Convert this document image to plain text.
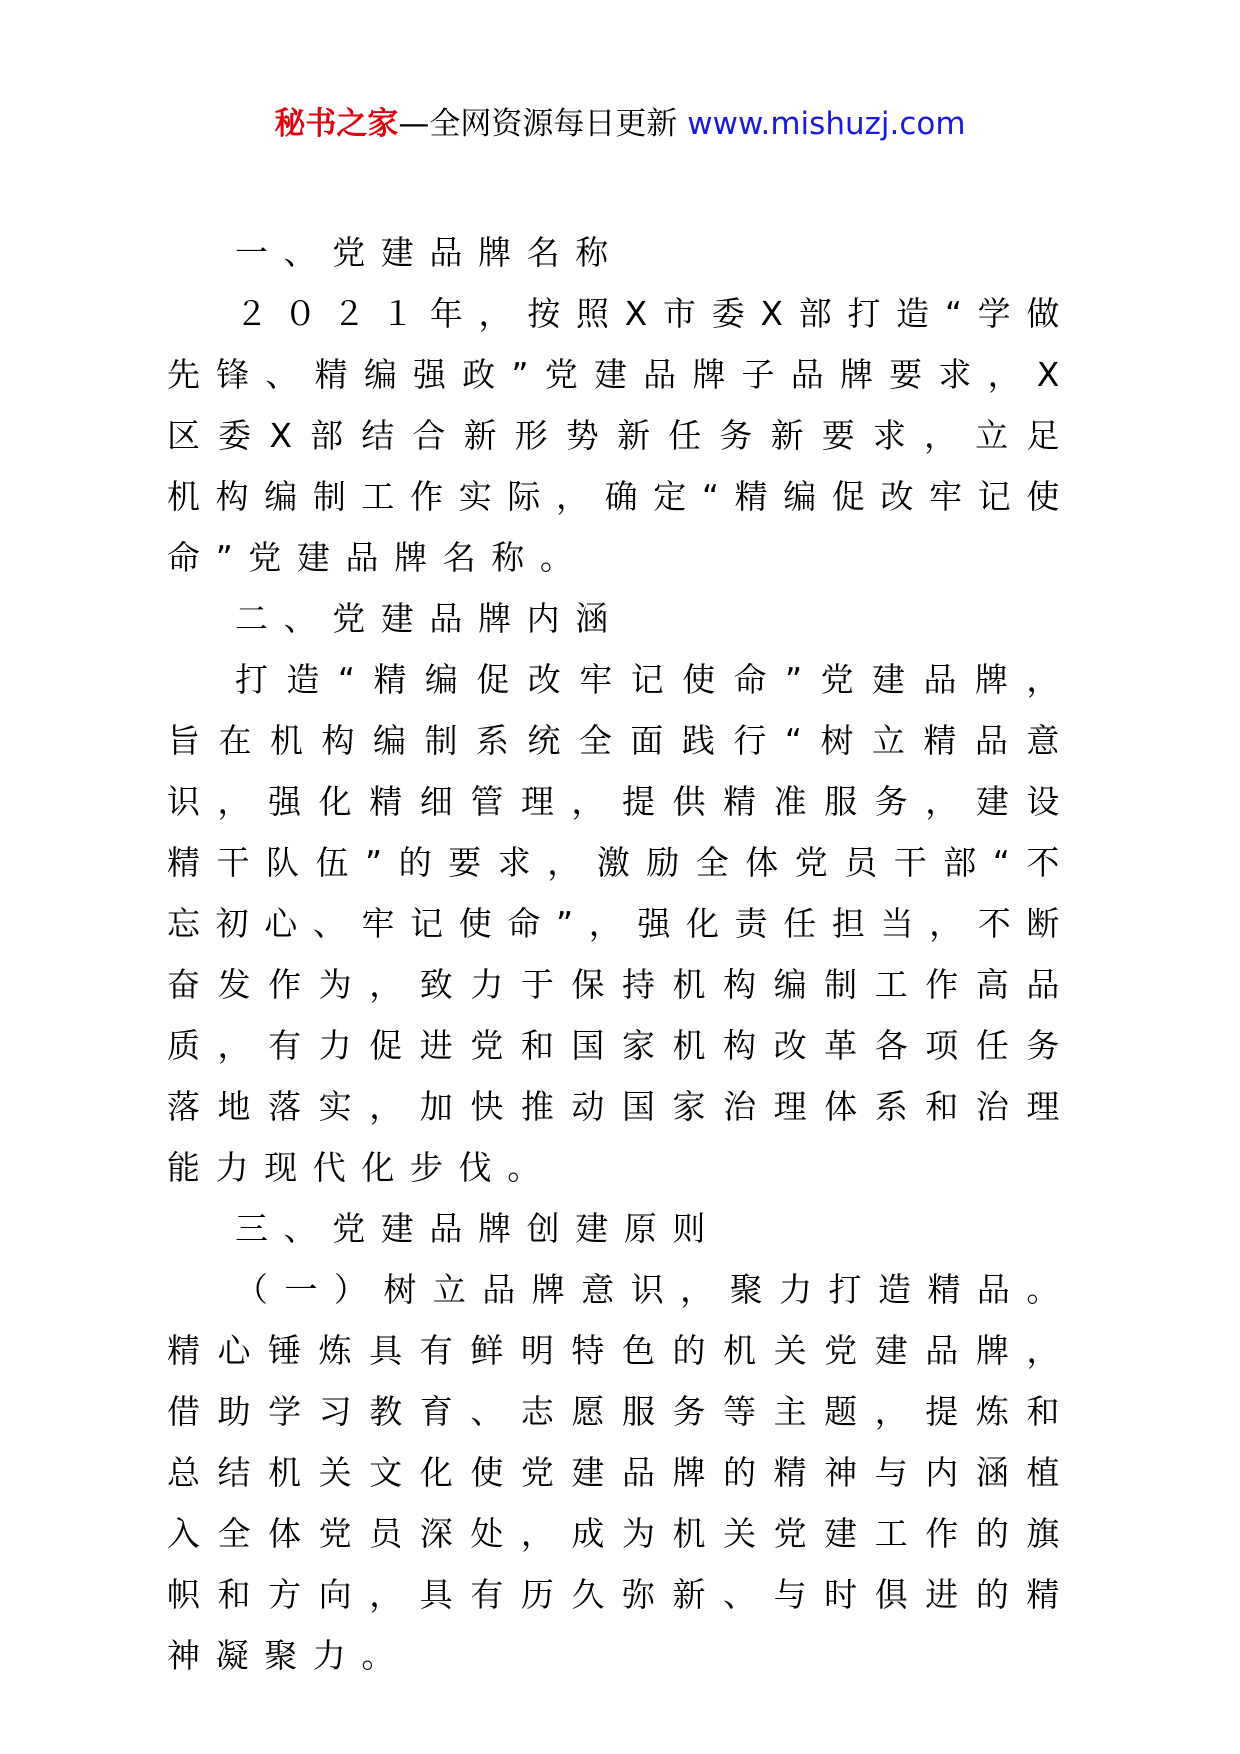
秘书之家—全网资源每日更新 www.mishuzj.com

一、党建品牌名称

２０２１年，按照X市委X部打造“学做先锋、精编强政”党建品牌子品牌要求，X区委X部结合新形势新任务新要求，立足机构编制工作实际，确定“精编促改牢记使命”党建品牌名称。

二、党建品牌内涵

打造“精编促改牢记使命”党建品牌，旨在机构编制系统全面践行“树立精品意识，强化精细管理，提供精准服务，建设精干队伍”的要求，激励全体党员干部“不忘初心、牢记使命”，强化责任担当，不断奋发作为，致力于保持机构编制工作高品质，有力促进党和国家机构改革各项任务落地落实，加快推动国家治理体系和治理能力现代化步伐。

三、党建品牌创建原则

（一）树立品牌意识，聚力打造精品。精心锤炼具有鲜明特色的机关党建品牌，借助学习教育、志愿服务等主题，提炼和总结机关文化使党建品牌的精神与内涵植入全体党员深处，成为机关党建工作的旗帜和方向，具有历久弥新、与时俱进的精神凝聚力。
